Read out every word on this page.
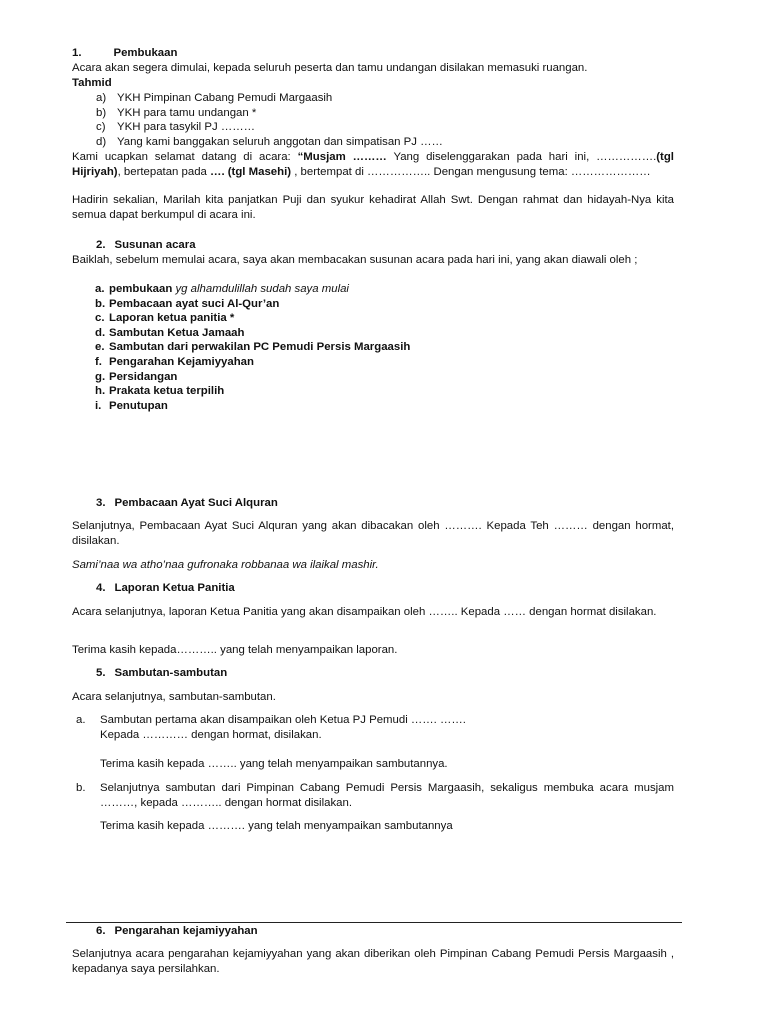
1.	Pembukaan
Acara akan segera dimulai, kepada seluruh peserta dan tamu undangan disilakan memasuki ruangan.
Tahmid
a) YKH Pimpinan Cabang Pemudi Margaasih
b) YKH para tamu undangan *
c) YKH para tasykil PJ ………
d) Yang kami banggakan seluruh anggotan dan simpatisan PJ ……
Kami ucapkan selamat datang di acara: “Musjam ……… Yang diselenggarakan pada hari ini, …………….(tgl Hijriyah), bertepatan pada …. (tgl Masehi) , bertempat di …………….. Dengan mengusung tema: …………………
Hadirin sekalian, Marilah kita panjatkan Puji dan syukur kehadirat Allah Swt. Dengan rahmat dan hidayah-Nya kita semua dapat berkumpul di acara ini.
2. Susunan acara
Baiklah, sebelum memulai acara, saya akan membacakan susunan acara pada hari ini, yang akan diawali oleh ;
a. pembukaan yg alhamdulillah sudah saya mulai
b. Pembacaan ayat suci Al-Qur’an
c. Laporan ketua panitia *
d. Sambutan Ketua Jamaah
e. Sambutan dari perwakilan PC Pemudi Persis Margaasih
f. Pengarahan Kejamiyyahan
g. Persidangan
h. Prakata ketua terpilih
i. Penutupan
3. Pembacaan Ayat Suci Alquran
Selanjutnya, Pembacaan Ayat Suci Alquran yang akan dibacakan oleh ………. Kepada Teh ……… dengan hormat, disilakan.
Sami’naa wa atho’naa gufronaka robbanaa wa ilaikal mashir.
4. Laporan Ketua Panitia
Acara selanjutnya, laporan Ketua Panitia yang akan disampaikan oleh …….. Kepada …… dengan hormat disilakan.
Terima kasih kepada……….. yang telah menyampaikan laporan.
5. Sambutan-sambutan
Acara selanjutnya, sambutan-sambutan.
a. Sambutan pertama akan disampaikan oleh Ketua PJ Pemudi ……. …….
Kepada ………… dengan hormat, disilakan.
Terima kasih kepada …….. yang telah menyampaikan sambutannya.
b. Selanjutnya sambutan dari Pimpinan Cabang Pemudi Persis Margaasih, sekaligus membuka acara musjam ………, kepada ……….. dengan hormat disilakan.
Terima kasih kepada ………. yang telah menyampaikan sambutannya
6. Pengarahan kejamiyyahan
Selanjutnya acara pengarahan kejamiyyahan yang akan diberikan oleh Pimpinan Cabang Pemudi Persis Margaasih , kepadanya saya persilahkan.
